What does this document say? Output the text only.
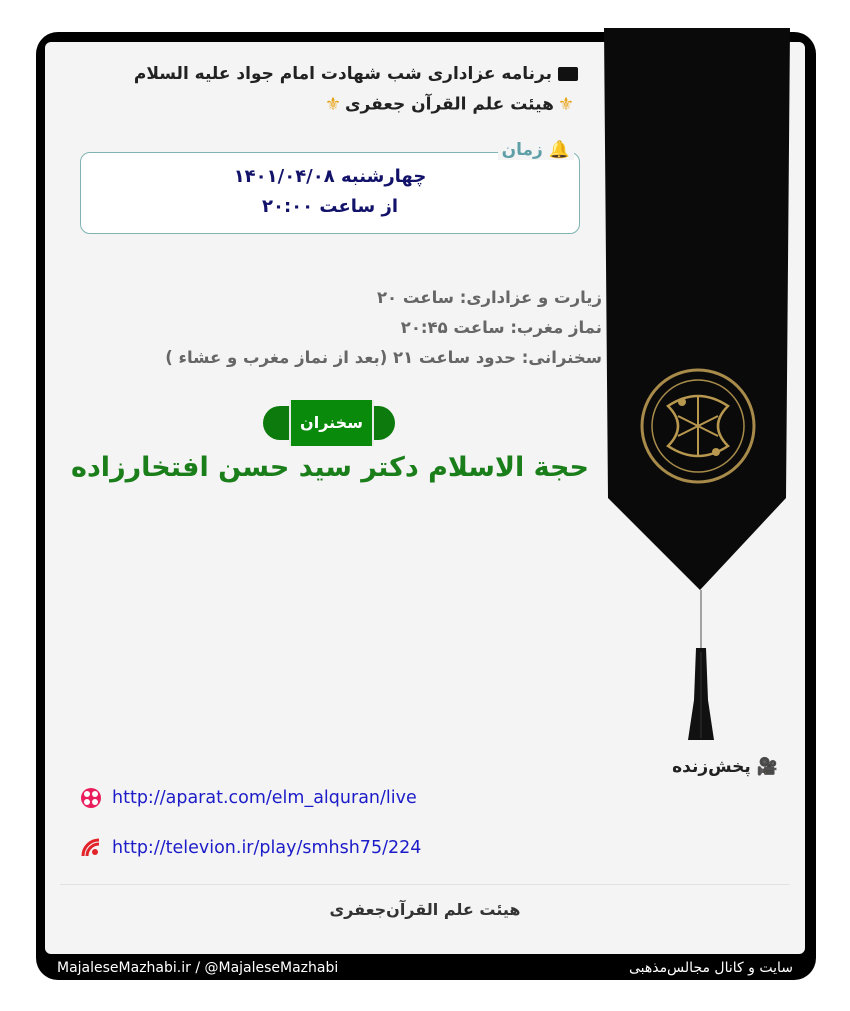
برنامه عزاداری شب شهادت امام جواد علیه السلام
⚜هیئت علم القرآن جعفری⚜
🔔زمان
چهارشنبه ۱۴۰۱/۰۴/۰۸
از ساعت ۲۰:۰۰
زیارت و عزاداری: ساعت ۲۰
نماز مغرب: ساعت ۲۰:۴۵
سخنرانی: حدود ساعت ۲۱ (بعد از نماز مغرب و عشاء )
سخنران
حجة الاسلام دکتر سید حسن افتخارزاده
🎥پخش‌زنده
http://aparat.com/elm_alquran/live
http://televion.ir/play/smhsh75/224
هیئت علم القرآن‌جعفری
MajaleseMazhabi.ir / @MajaleseMazhabi	سایت و کانال مجالس‌مذهبی
